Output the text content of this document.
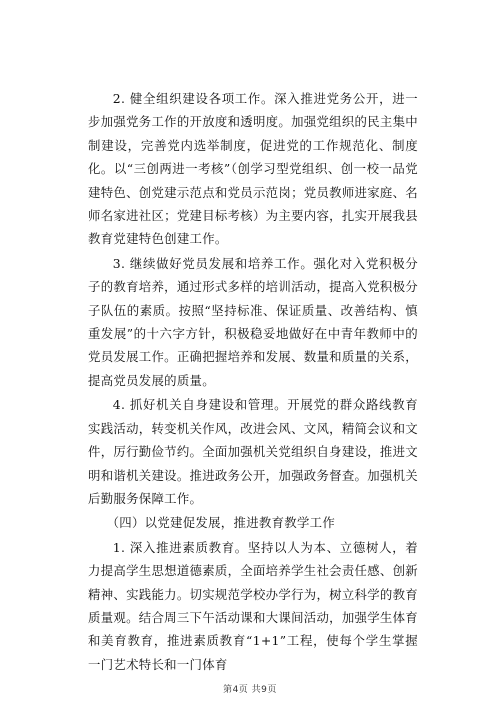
2. 健全组织建设各项工作。深入推进党务公开，进一步加强党务工作的开放度和透明度。加强党组织的民主集中制建设，完善党内选举制度，促进党的工作规范化、制度化。以“三创两进一考核”（创学习型党组织、创一校一品党建特色、创党建示范点和党员示范岗；党员教师进家庭、名师名家进社区；党建目标考核）为主要内容，扎实开展我县教育党建特色创建工作。

3. 继续做好党员发展和培养工作。强化对入党积极分子的教育培养，通过形式多样的培训活动，提高入党积极分子队伍的素质。按照“坚持标准、保证质量、改善结构、慎重发展”的十六字方针，积极稳妥地做好在中青年教师中的党员发展工作。正确把握培养和发展、数量和质量的关系，提高党员发展的质量。

4. 抓好机关自身建设和管理。开展党的群众路线教育实践活动，转变机关作风，改进会风、文风，精简会议和文件，厉行勤俭节约。全面加强机关党组织自身建设，推进文明和谐机关建设。推进政务公开，加强政务督查。加强机关后勤服务保障工作。

（四）以党建促发展，推进教育教学工作

1. 深入推进素质教育。坚持以人为本、立德树人，着力提高学生思想道德素质，全面培养学生社会责任感、创新精神、实践能力。切实规范学校办学行为，树立科学的教育质量观。结合周三下午活动课和大课间活动，加强学生体育和美育教育，推进素质教育“1+1”工程，使每个学生掌握一门艺术特长和一门体育

第4页 共9页
